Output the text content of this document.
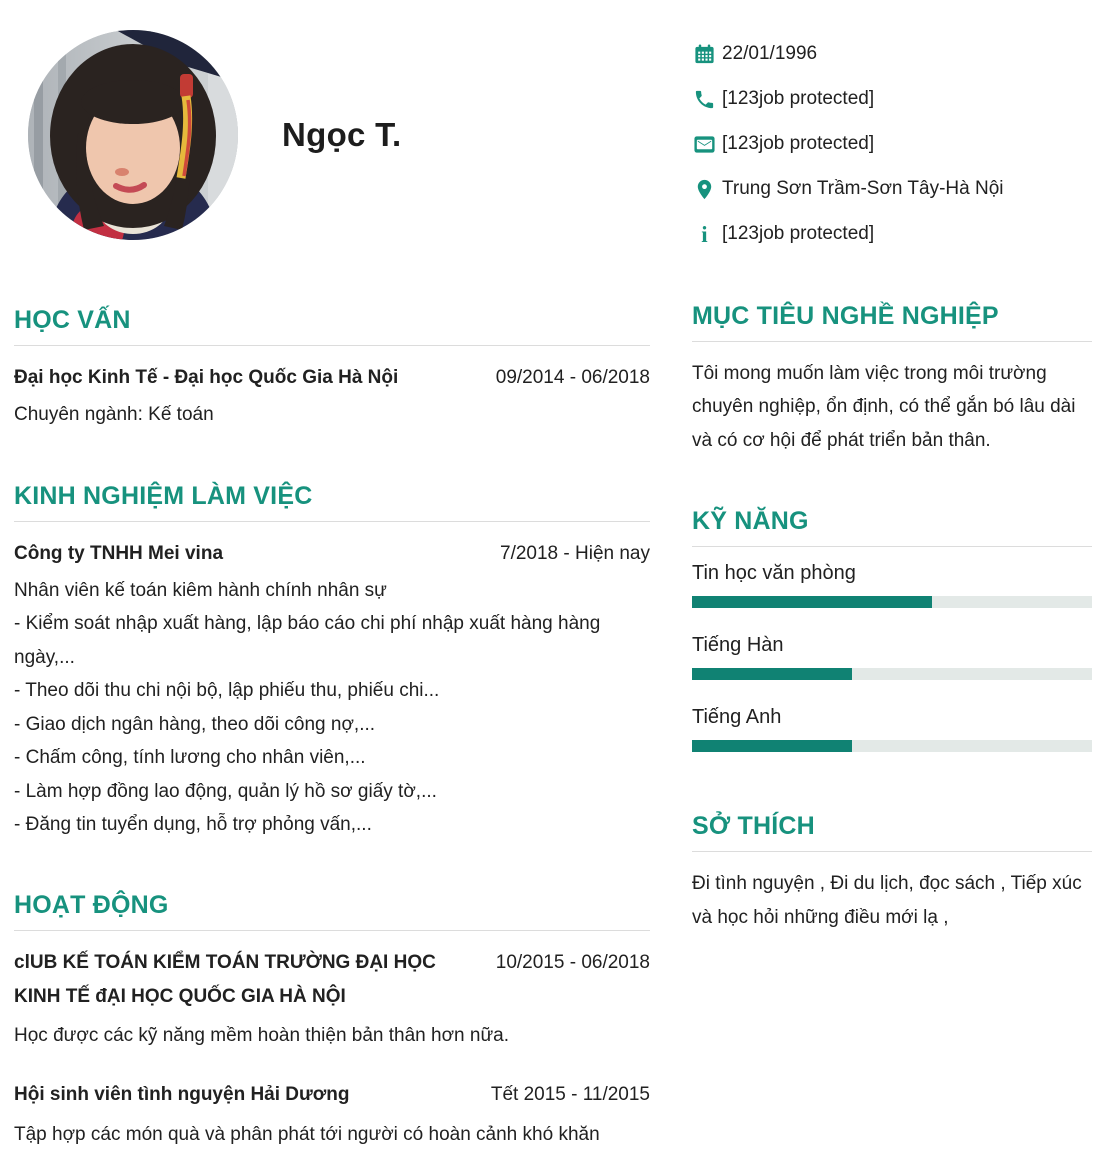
Ngọc T.
HỌC VẤN
Đại học Kinh Tế - Đại học Quốc Gia Hà Nội	09/2014 - 06/2018
Chuyên ngành: Kế toán
KINH NGHIỆM LÀM VIỆC
Công ty TNHH Mei vina	7/2018 - Hiện nay
Nhân viên kế toán kiêm hành chính nhân sự

- Kiểm soát nhập xuất hàng, lập báo cáo chi phí nhập xuất hàng hàng ngày,...

- Theo dõi thu chi nội bộ, lập phiếu thu, phiếu chi...

- Giao dịch ngân hàng, theo dõi công nợ,...

- Chấm công, tính lương cho nhân viên,...

- Làm hợp đồng lao động, quản lý hồ sơ giấy tờ,...

- Đăng tin tuyển dụng, hỗ trợ phỏng vấn,...

HOẠT ĐỘNG
clUB KẾ TOÁN KIỂM TOÁN TRƯỜNG ĐẠI HỌC KINH TẾ đẠI HỌC QUỐC GIA HÀ NỘI
10/2015 - 06/2018
Học được các kỹ năng mềm hoàn thiện bản thân hơn nữa.
Hội sinh viên tình nguyện Hải Dương	Tết 2015 - 11/2015
Tập hợp các món quà và phân phát tới người có hoàn cảnh khó khăn
22/01/1996
[123job protected]
[123job protected]
Trung Sơn Trầm-Sơn Tây-Hà Nội
i [123job protected]
MỤC TIÊU NGHỀ NGHIỆP

Tôi mong muốn làm việc trong môi trường chuyên nghiệp, ổn định, có thể gắn bó lâu dài và có cơ hội để phát triển bản thân.

KỸ NĂNG
Tin học văn phòng
Tiếng Hàn
Tiếng Anh
SỞ THÍCH

Đi tình nguyện , Đi du lịch, đọc sách , Tiếp xúc và học hỏi những điều mới lạ ,
